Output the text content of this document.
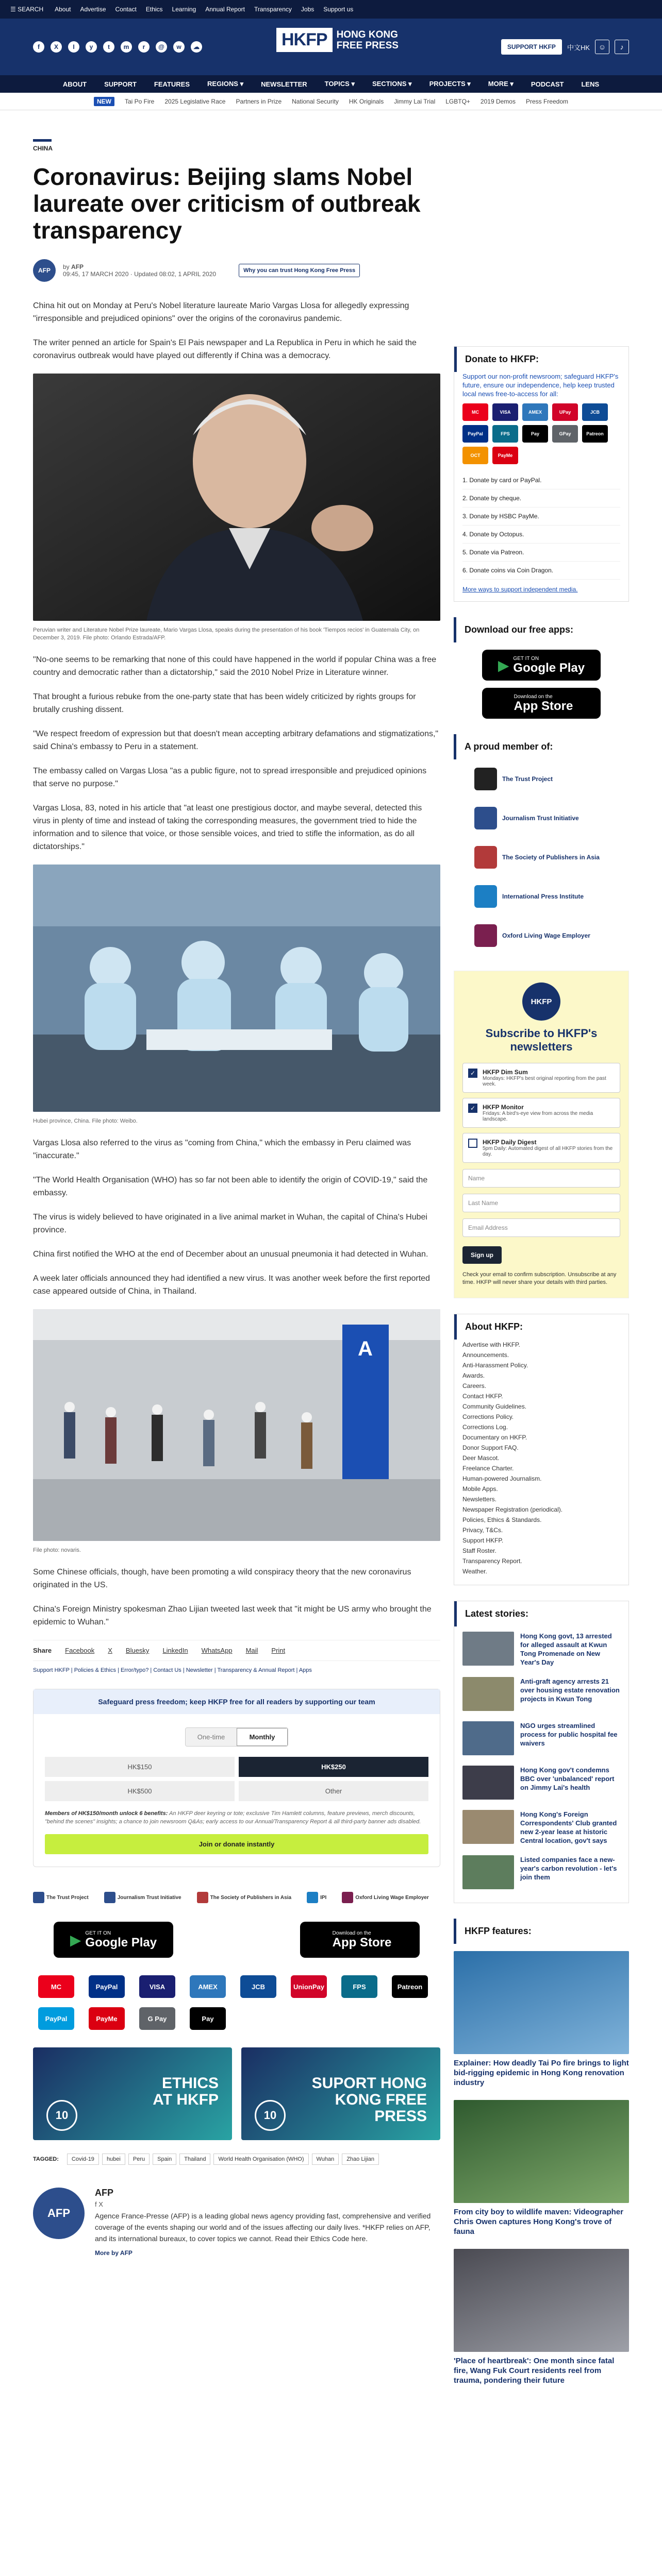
☰ SEARCH About Advertise Contact Ethics Learning Annual Report Transparency Jobs Support us
f	X	I	y	t	m	r	@	w	☁	HKFP HONG KONG
FREE PRESS	SUPPORT HKFP	中文HK	☺	♪
ABOUT	SUPPORT	FEATURES	REGIONS ▾	NEWSLETTER	TOPICS ▾	SECTIONS ▾	PROJECTS ▾	MORE ▾	PODCAST	LENS
NEW	Tai Po Fire 2025 Legislative Race Partners in Prize National Security HK Originals Jimmy Lai Trial LGBTQ+ 2019 Demos Press Freedom
CHINA
Coronavirus: Beijing slams Nobel laureate over criticism of outbreak transparency
AFP	by AFP
09:45, 17 MARCH 2020 · Updated 08:02, 1 APRIL 2020	Why you can trust Hong Kong Free Press

China hit out on Monday at Peru's Nobel literature laureate Mario Vargas Llosa for allegedly expressing "irresponsible and prejudiced opinions" over the origins of the coronavirus pandemic.

The writer penned an article for Spain's El Pais newspaper and La Republica in Peru in which he said the coronavirus outbreak would have played out differently if China was a democracy.

Peruvian writer and Literature Nobel Prize laureate, Mario Vargas Llosa, speaks during the presentation of his book 'Tiempos recios' in Guatemala City, on December 3, 2019. File photo: Orlando Estrada/AFP.

"No-one seems to be remarking that none of this could have happened in the world if popular China was a free country and democratic rather than a dictatorship," said the 2010 Nobel Prize in Literature winner.

That brought a furious rebuke from the one-party state that has been widely criticized by rights groups for brutally crushing dissent.

"We respect freedom of expression but that doesn't mean accepting arbitrary defamations and stigmatizations," said China's embassy to Peru in a statement.

The embassy called on Vargas Llosa "as a public figure, not to spread irresponsible and prejudiced opinions that serve no purpose."

Vargas Llosa, 83, noted in his article that "at least one prestigious doctor, and maybe several, detected this virus in plenty of time and instead of taking the corresponding measures, the government tried to hide the information and to silence that voice, or those sensible voices, and tried to stifle the information, as do all dictatorships."

Hubei province, China. File photo: Weibo.

Vargas Llosa also referred to the virus as "coming from China," which the embassy in Peru claimed was "inaccurate."

"The World Health Organisation (WHO) has so far not been able to identify the origin of COVID-19," said the embassy.

The virus is widely believed to have originated in a live animal market in Wuhan, the capital of China's Hubei province.

China first notified the WHO at the end of December about an unusual pneumonia it had detected in Wuhan.

A week later officials announced they had identified a new virus. It was another week before the first reported case appeared outside of China, in Thailand.

A
File photo: novaris.

Some Chinese officials, though, have been promoting a wild conspiracy theory that the new coronavirus originated in the US.

China's Foreign Ministry spokesman Zhao Lijian tweeted last week that "it might be US army who brought the epidemic to Wuhan."

Share Facebook X Bluesky LinkedIn WhatsApp Mail Print
Support HKFP | Policies & Ethics | Error/typo? | Contact Us | Newsletter | Transparency & Annual Report | Apps
Safeguard press freedom; keep HKFP free for all readers by supporting our team
One-time	Monthly
HK$150	HK$250
HK$500	Other
Members of HK$150/month unlock 6 benefits: An HKFP deer keyring or tote; exclusive Tim Hamlett columns, feature previews, merch discounts, "behind the scenes" insights; a chance to join newsroom Q&As; early access to our Annual/Transparency Report & all third-party banner ads disabled.
Join or donate instantly
The Trust Project	Journalism Trust Initiative	The Society of Publishers in Asia	IPI	Oxford Living Wage Employer
▶ GET IT ON
Google Play
Download on the
App Store
MC	PayPal	VISA	AMEX	JCB	UnionPay	FPS	Patreon
PayPal	PayMe	G Pay	Pay
ETHICS
AT HKFP
10
SUPORT HONG
KONG FREE
PRESS
10
TAGGED:	Covid-19	hubei	Peru	Spain	Thailand	World Health Organisation (WHO)	Wuhan	Zhao Lijian
AFP
AFP
f X
Agence France-Presse (AFP) is a leading global news agency providing fast, comprehensive and verified coverage of the events shaping our world and of the issues affecting our daily lives. *HKFP relies on AFP, and its international bureaux, to cover topics we cannot. Read their Ethics Code here.
More by AFP
Donate to HKFP:
Support our non-profit newsroom; safeguard HKFP's future, ensure our independence, help keep trusted local news free-to-access for all:
MC	VISA	AMEX	UPay	JCB
PayPal	FPS	Pay	GPay	Patreon
OCT	PayMe
1. Donate by card or PayPal.
2. Donate by cheque.
3. Donate by HSBC PayMe.
4. Donate by Octopus.
5. Donate via Patreon.
6. Donate coins via Coin Dragon.
More ways to support independent media.
Download our free apps:
▶ GET IT ON
Google Play
Download on the
App Store
A proud member of:
The Trust Project
Journalism Trust Initiative
The Society of Publishers in Asia
International Press Institute
Oxford Living Wage Employer
HKFP
Subscribe to HKFP's newsletters
✓	HKFP Dim Sum
Mondays: HKFP's best original reporting from the past week.
✓	HKFP Monitor
Fridays: A bird's-eye view from across the media landscape.
HKFP Daily Digest
5pm Daily: Automated digest of all HKFP stories from the day.
Name
Last Name
Email Address
Sign up
Check your email to confirm subscription. Unsubscribe at any time. HKFP will never share your details with third parties.
About HKFP:
Advertise with HKFP.
Announcements.
Anti-Harassment Policy.
Awards.
Careers.
Contact HKFP.
Community Guidelines.
Corrections Policy.
Corrections Log.
Documentary on HKFP.
Donor Support FAQ.
Deer Mascot.
Freelance Charter.
Human-powered Journalism.
Mobile Apps.
Newsletters.
Newspaper Registration (periodical).
Policies, Ethics & Standards.
Privacy, T&Cs.
Support HKFP.
Staff Roster.
Transparency Report.
Weather.
Latest stories:
Hong Kong govt, 13 arrested for alleged assault at Kwun Tong Promenade on New Year's Day
Anti-graft agency arrests 21 over housing estate renovation projects in Kwun Tong
NGO urges streamlined process for public hospital fee waivers
Hong Kong gov't condemns BBC over 'unbalanced' report on Jimmy Lai's health
Hong Kong's Foreign Correspondents' Club granted new 2-year lease at historic Central location, gov't says
Listed companies face a new-year's carbon revolution - let's join them
HKFP features:
Explainer: How deadly Tai Po fire brings to light bid-rigging epidemic in Hong Kong renovation industry
From city boy to wildlife maven: Videographer Chris Owen captures Hong Kong's trove of fauna
'Place of heartbreak': One month since fatal fire, Wang Fuk Court residents reel from trauma, pondering their future
